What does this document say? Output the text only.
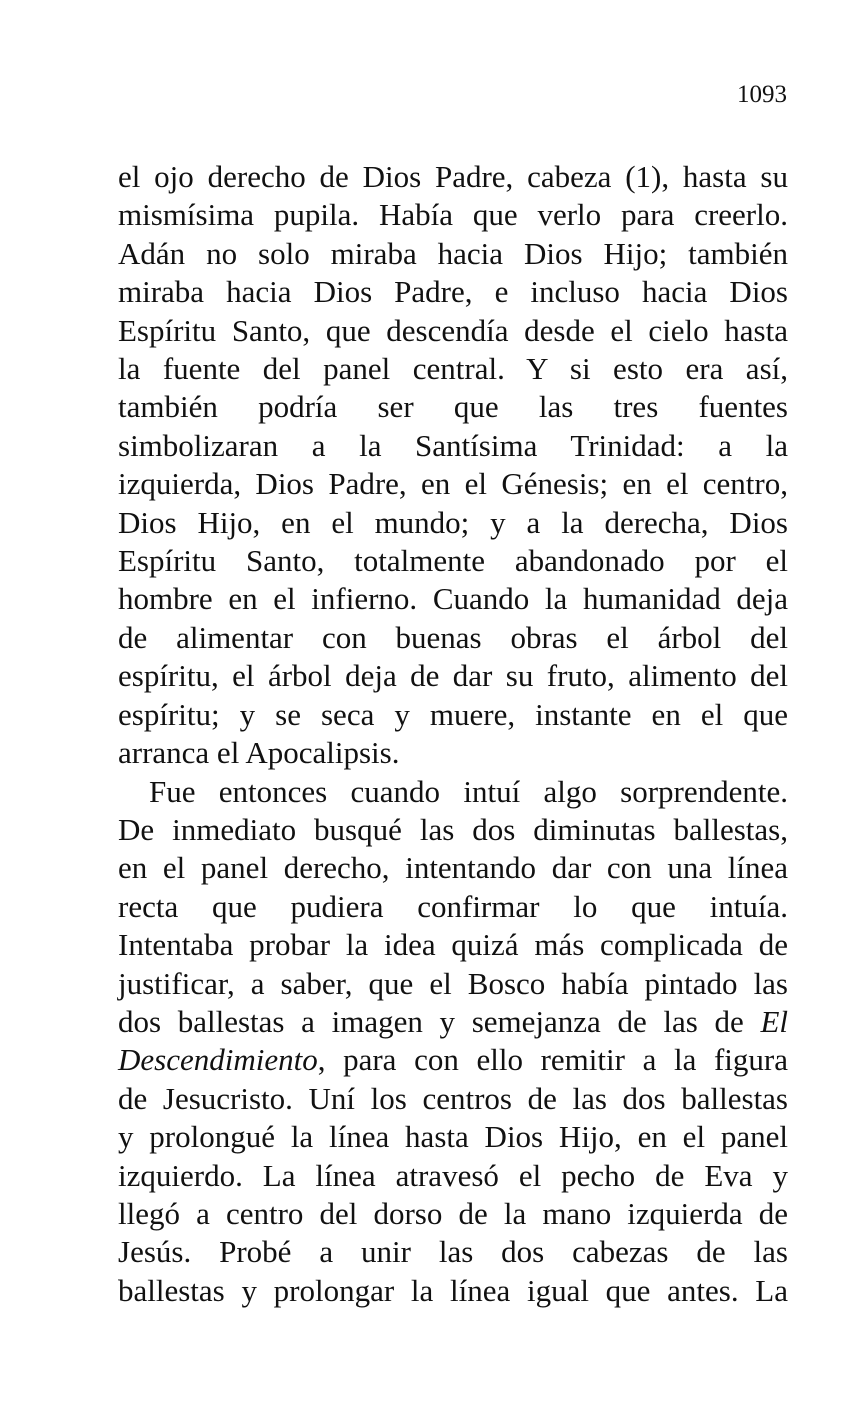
1093

el ojo derecho de Dios Padre, cabeza (1), hasta su
mismísima pupila. Había que verlo para creerlo.
Adán no solo miraba hacia Dios Hijo; también
miraba hacia Dios Padre, e incluso hacia Dios
Espíritu Santo, que descendía desde el cielo hasta
la fuente del panel central. Y si esto era así,
también podría ser que las tres fuentes
simbolizaran a la Santísima Trinidad: a la
izquierda, Dios Padre, en el Génesis; en el centro,
Dios Hijo, en el mundo; y a la derecha, Dios
Espíritu Santo, totalmente abandonado por el
hombre en el infierno. Cuando la humanidad deja
de alimentar con buenas obras el árbol del
espíritu, el árbol deja de dar su fruto, alimento del
espíritu; y se seca y muere, instante en el que
arranca el Apocalipsis.

Fue entonces cuando intuí algo sorprendente.
De inmediato busqué las dos diminutas ballestas,
en el panel derecho, intentando dar con una línea
recta que pudiera confirmar lo que intuía.
Intentaba probar la idea quizá más complicada de
justificar, a saber, que el Bosco había pintado las
dos ballestas a imagen y semejanza de las de El
Descendimiento, para con ello remitir a la figura
de Jesucristo. Uní los centros de las dos ballestas
y prolongué la línea hasta Dios Hijo, en el panel
izquierdo. La línea atravesó el pecho de Eva y
llegó a centro del dorso de la mano izquierda de
Jesús. Probé a unir las dos cabezas de las
ballestas y prolongar la línea igual que antes. La
